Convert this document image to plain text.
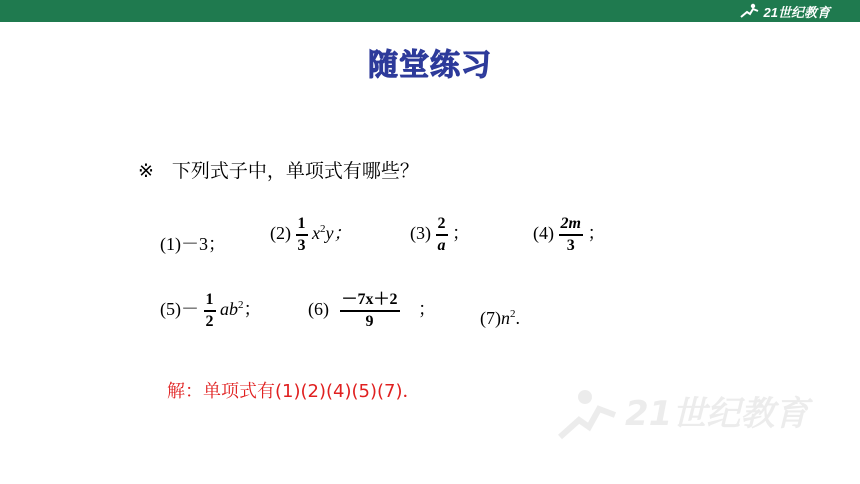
21世纪教育
随堂练习
※ 下列式子中，单项式有哪些？
(1)－3；
$(2) \frac{1}{3} x^2y$；	$(3) \frac{2}{a}$ ；	$(4) \frac{2m}{3}$ ；
$(5)- \frac{1}{2} ab^2$；	$(6) \frac{-7x+2}{9}$ ； $(7)n^2$.
解：单项式有(1)(2)(4)(5)(7)．
21世纪教育
